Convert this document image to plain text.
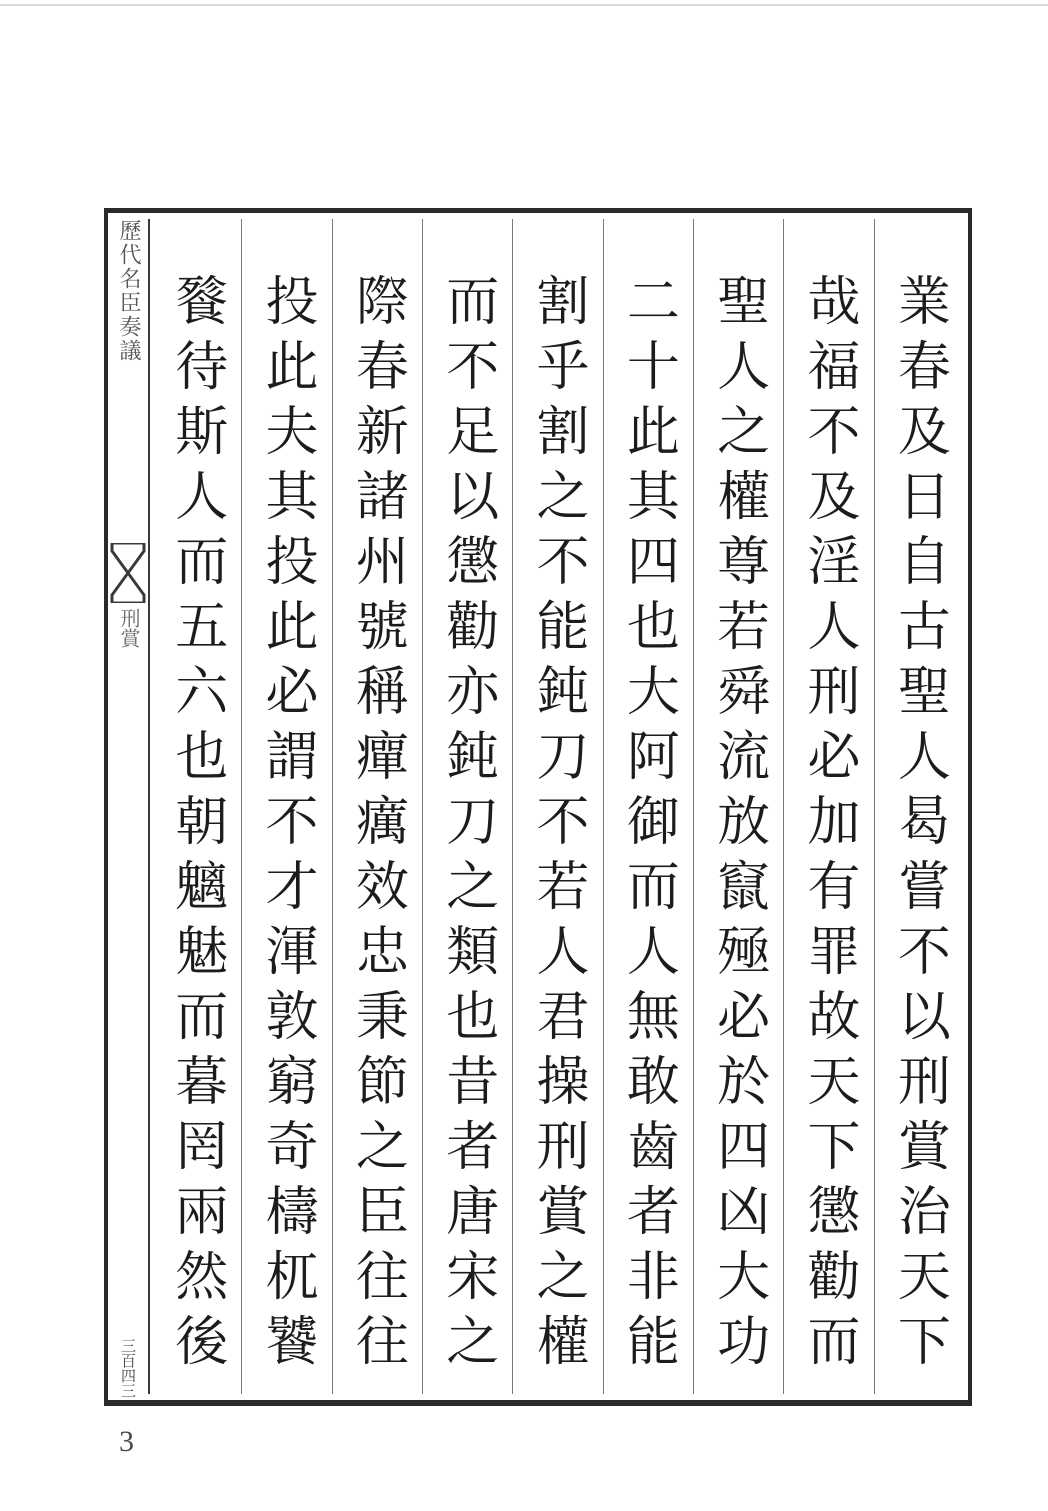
歷代名臣奏議
刑賞
三百四三	業春及日自古聖人曷嘗不以刑賞治天下
哉福不及淫人刑必加有罪故天下懲勸而
聖人之權尊若舜流放竄殛必於四凶大功
二十此其四也大阿御而人無敢齒者非能
割乎割之不能鈍刀不若人君操刑賞之權
而不足以懲勸亦鈍刀之類也昔者唐宋之
際春新諸州號稱癉癘效忠秉節之臣往往
投此夫其投此必謂不才渾敦窮奇檮杌饕
餮待斯人而五六也朝魑魅而暮罔兩然後
3
